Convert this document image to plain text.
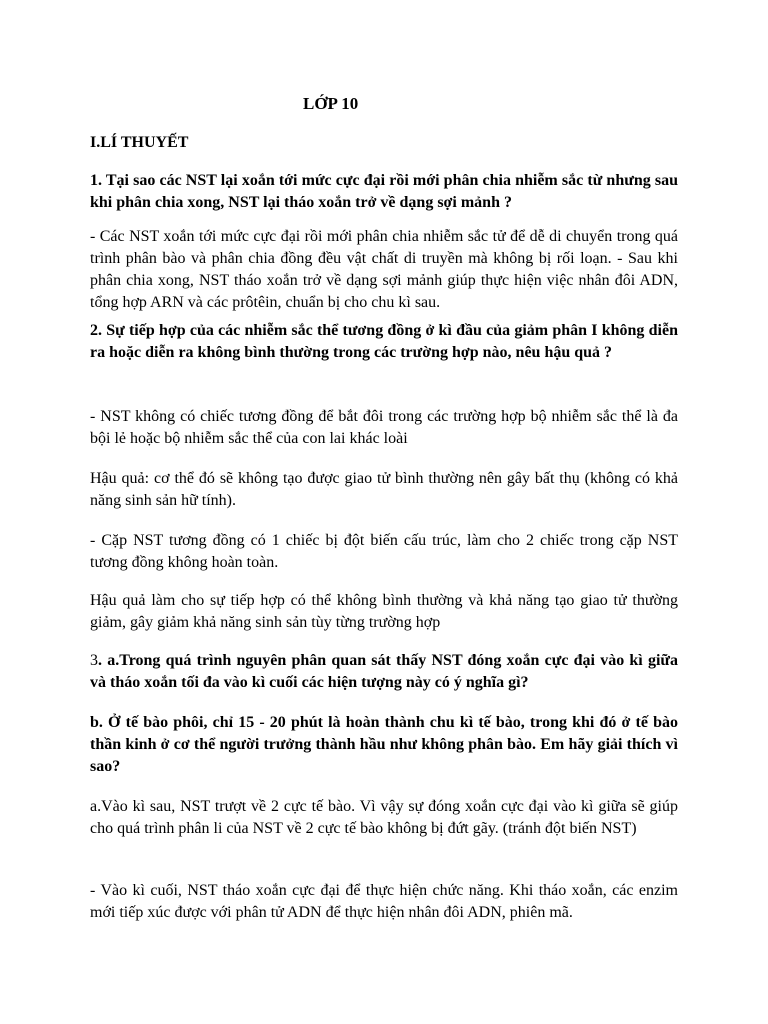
LỚP 10
I.LÍ THUYẾT
1. Tại sao các NST lại xoắn tới mức cực đại rồi mới phân chia nhiễm sắc từ nhưng sau khi phân chia xong, NST lại tháo xoắn trở về dạng sợi mảnh ?
- Các NST xoắn tới mức cực đại rồi mới phân chia nhiễm sắc tử để dễ di chuyển trong quá trình phân bào và phân chia đồng đều vật chất di truyền mà không bị rối loạn. - Sau khi phân chia xong, NST tháo xoắn trở về dạng sợi mảnh giúp thực hiện việc nhân đôi ADN, tổng hợp ARN và các prôtêin, chuẩn bị cho chu kì sau.
2. Sự tiếp hợp của các nhiễm sắc thể tương đồng ở kì đầu của giảm phân I không diễn ra hoặc diễn ra không bình thường trong các trường hợp nào, nêu hậu quả ?
- NST không có chiếc tương đồng để bắt đôi trong các trường hợp bộ nhiễm sắc thể là đa bội lẻ hoặc bộ nhiễm sắc thể của con lai khác loài
Hậu quả: cơ thể đó sẽ không tạo được giao tử bình thường nên gây bất thụ (không có khả năng sinh sản hữ tính).
- Cặp NST tương đồng có 1 chiếc bị đột biến cấu trúc, làm cho 2 chiếc trong cặp NST tương đồng không hoàn toàn.
Hậu quả làm cho sự tiếp hợp có thể không bình thường và khả năng tạo giao tử thường giảm, gây giảm khả năng sinh sản tùy từng trường hợp
3. a.Trong quá trình nguyên phân quan sát thấy NST đóng xoắn cực đại vào kì giữa và tháo xoắn tối đa vào kì cuối các hiện tượng này có ý nghĩa gì?
b. Ở tế bào phôi, chỉ 15 - 20 phút là hoàn thành chu kì tế bào, trong khi đó ở tế bào thần kinh ở cơ thể người trưởng thành hầu như không phân bào. Em hãy giải thích vì sao?
a.Vào kì sau, NST trượt về 2 cực tế bào. Vì vậy sự đóng xoắn cực đại vào kì giữa sẽ giúp cho quá trình phân li của NST về 2 cực tế bào không bị đứt gãy. (tránh đột biến NST)
- Vào kì cuối, NST tháo xoắn cực đại để thực hiện chức năng. Khi tháo xoắn, các enzim mới tiếp xúc được với phân tử ADN để thực hiện nhân đôi ADN, phiên mã.
